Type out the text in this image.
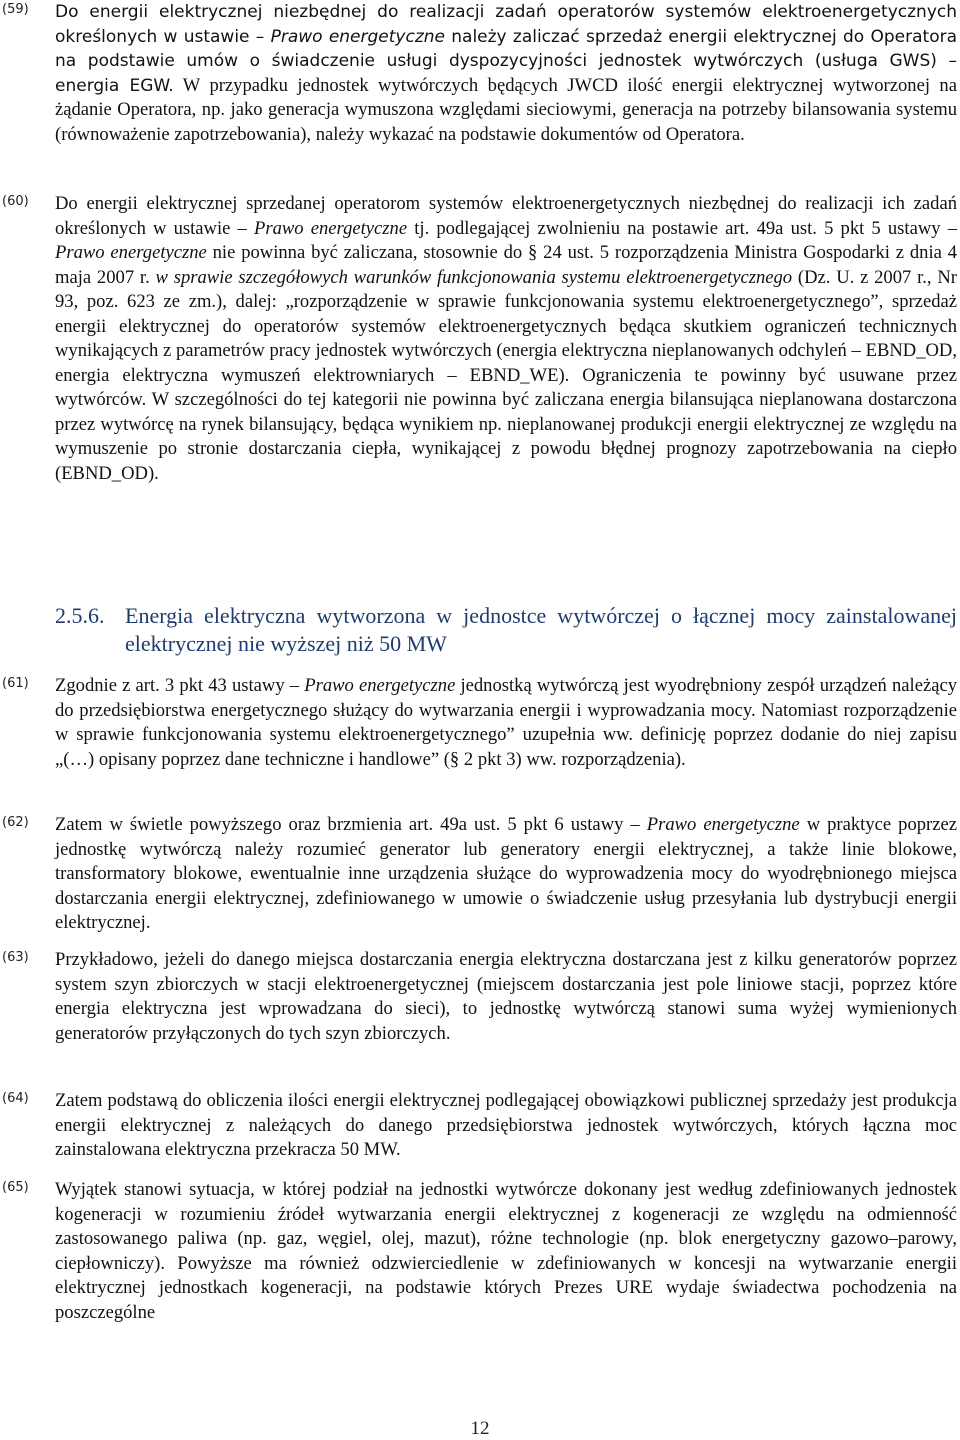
(59) Do energii elektrycznej niezbędnej do realizacji zadań operatorów systemów elektroenergetycznych określonych w ustawie – Prawo energetyczne należy zaliczać sprzedaż energii elektrycznej do Operatora na podstawie umów o świadczenie usługi dyspozycyjności jednostek wytwórczych (usługa GWS) – energia EGW. W przypadku jednostek wytwórczych będących JWCD ilość energii elektrycznej wytworzonej na żądanie Operatora, np. jako generacja wymuszona względami sieciowymi, generacja na potrzeby bilansowania systemu (równoważenie zapotrzebowania), należy wykazać na podstawie dokumentów od Operatora.
(60) Do energii elektrycznej sprzedanej operatorom systemów elektroenergetycznych niezbędnej do realizacji ich zadań określonych w ustawie – Prawo energetyczne tj. podlegającej zwolnieniu na postawie art. 49a ust. 5 pkt 5 ustawy – Prawo energetyczne nie powinna być zaliczana, stosownie do § 24 ust. 5 rozporządzenia Ministra Gospodarki z dnia 4 maja 2007 r. w sprawie szczegółowych warunków funkcjonowania systemu elektroenergetycznego (Dz. U. z 2007 r., Nr 93, poz. 623 ze zm.), dalej: „rozporządzenie w sprawie funkcjonowania systemu elektroenergetycznego”, sprzedaż energii elektrycznej do operatorów systemów elektroenergetycznych będąca skutkiem ograniczeń technicznych wynikających z parametrów pracy jednostek wytwórczych (energia elektryczna nieplanowanych odchyleń – EBND_OD, energia elektryczna wymuszeń elektrowniarych – EBND_WE). Ograniczenia te powinny być usuwane przez wytwórców. W szczególności do tej kategorii nie powinna być zaliczana energia bilansująca nieplanowana dostarczona przez wytwórcę na rynek bilansujący, będąca wynikiem np. nieplanowanej produkcji energii elektrycznej ze względu na wymuszenie po stronie dostarczania ciepła, wynikającej z powodu błędnej prognozy zapotrzebowania na ciepło (EBND_OD).
2.5.6. Energia elektryczna wytworzona w jednostce wytwórczej o łącznej mocy zainstalowanej elektrycznej nie wyższej niż 50 MW
(61) Zgodnie z art. 3 pkt 43 ustawy – Prawo energetyczne jednostką wytwórczą jest wyodrębniony zespół urządzeń należący do przedsiębiorstwa energetycznego służący do wytwarzania energii i wyprowadzania mocy. Natomiast rozporządzenie w sprawie funkcjonowania systemu elektroenergetycznego” uzupełnia ww. definicję poprzez dodanie do niej zapisu „(…) opisany poprzez dane techniczne i handlowe” (§ 2 pkt 3) ww. rozporządzenia).
(62) Zatem w świetle powyższego oraz brzmienia art. 49a ust. 5 pkt 6 ustawy – Prawo energetyczne w praktyce poprzez jednostkę wytwórczą należy rozumieć generator lub generatory energii elektrycznej, a także linie blokowe, transformatory blokowe, ewentualnie inne urządzenia służące do wyprowadzenia mocy do wyodrębnionego miejsca dostarczania energii elektrycznej, zdefiniowanego w umowie o świadczenie usług przesyłania lub dystrybucji energii elektrycznej.
(63) Przykładowo, jeżeli do danego miejsca dostarczania energia elektryczna dostarczana jest z kilku generatorów poprzez system szyn zbiorczych w stacji elektroenergetycznej (miejscem dostarczania jest pole liniowe stacji, poprzez które energia elektryczna jest wprowadzana do sieci), to jednostkę wytwórczą stanowi suma wyżej wymienionych generatorów przyłączonych do tych szyn zbiorczych.
(64) Zatem podstawą do obliczenia ilości energii elektrycznej podlegającej obowiązkowi publicznej sprzedaży jest produkcja energii elektrycznej z należących do danego przedsiębiorstwa jednostek wytwórczych, których łączna moc zainstalowana elektryczna przekracza 50 MW.
(65) Wyjątek stanowi sytuacja, w której podział na jednostki wytwórcze dokonany jest według zdefiniowanych jednostek kogeneracji w rozumieniu źródeł wytwarzania energii elektrycznej z kogeneracji ze względu na odmienność zastosowanego paliwa (np. gaz, węgiel, olej, mazut), różne technologie (np. blok energetyczny gazowo–parowy, ciepłowniczy). Powyższe ma również odzwierciedlenie w zdefiniowanych w koncesji na wytwarzanie energii elektrycznej jednostkach kogeneracji, na podstawie których Prezes URE wydaje świadectwa pochodzenia na poszczególne
12
